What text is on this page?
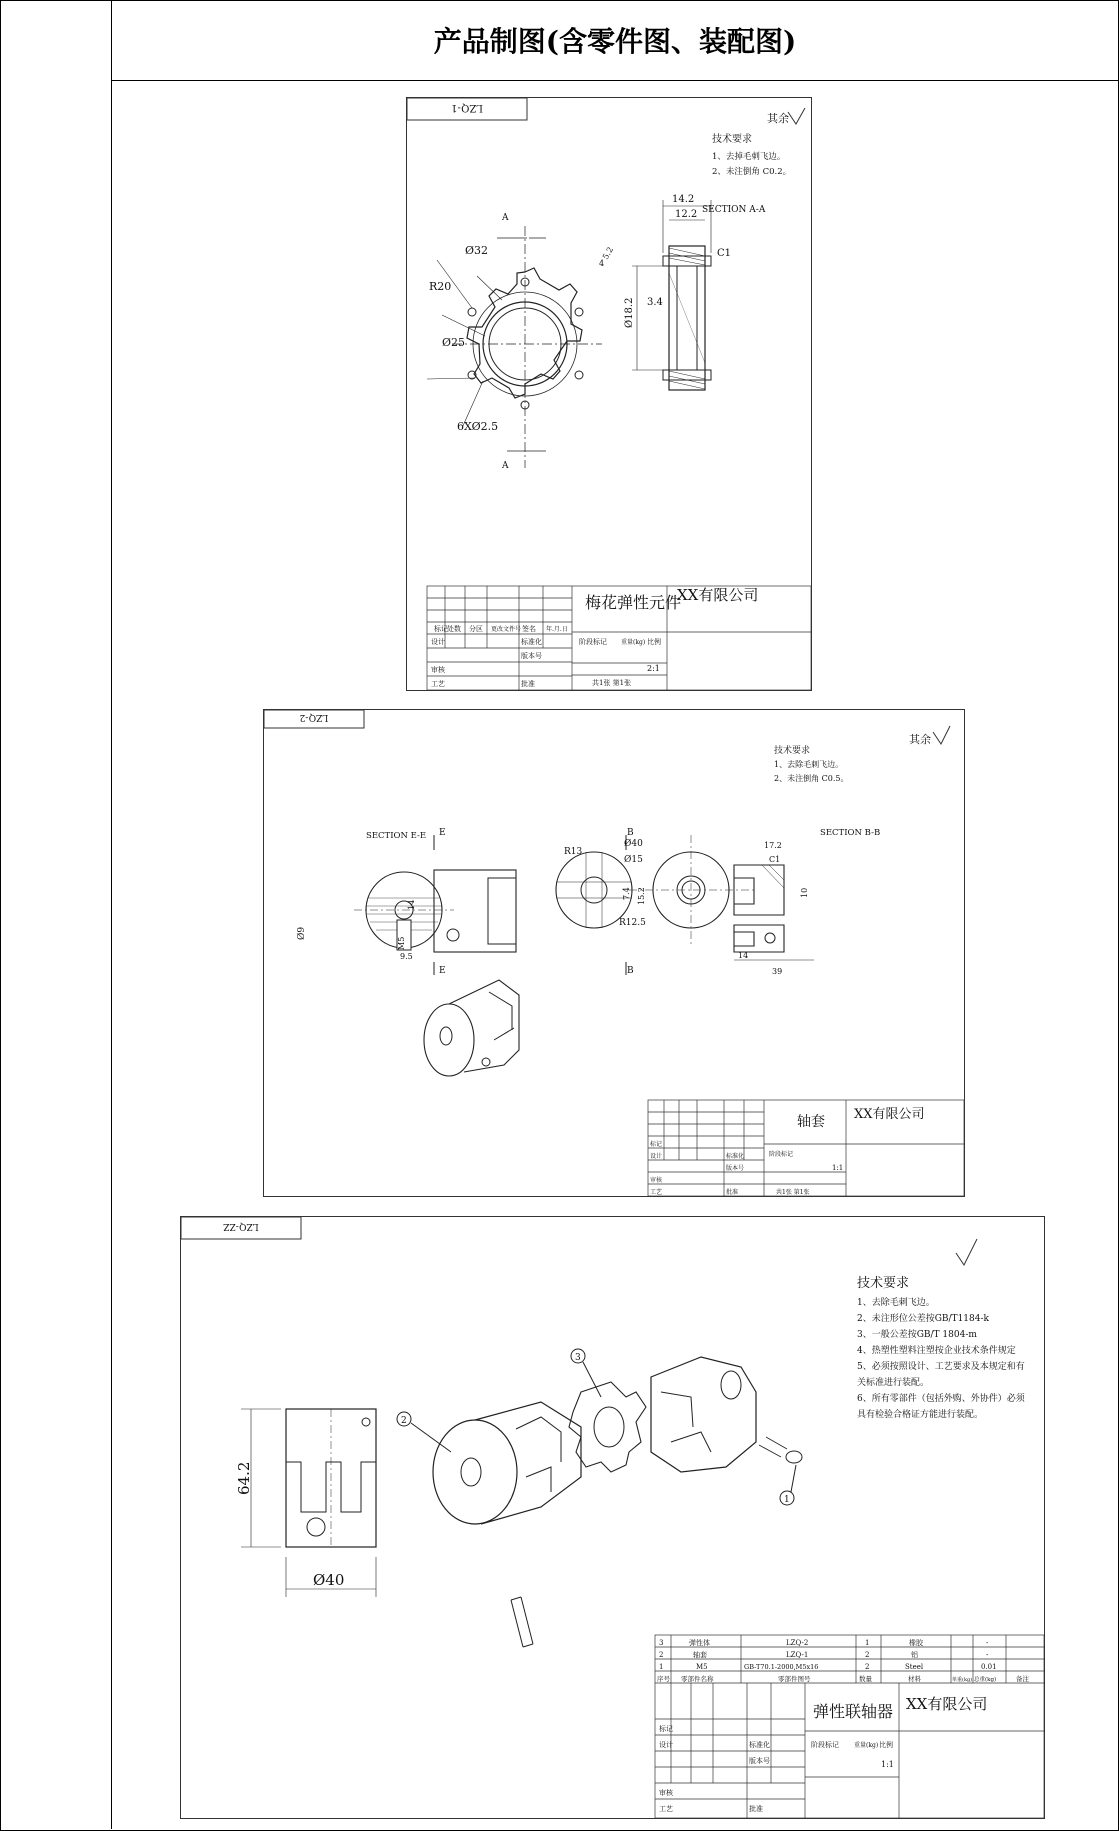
产品制图(含零件图、装配图)
LZQ-1
其余
技术要求
1、去掉毛刺飞边。
2、未注倒角 C0.2。
SECTION A-A
A
A
Ø32
R20
Ø25
6XØ2.5
14.2
12.2
C1
Ø18.2 3.4
5.2
4
标记 处数 分区 更改文件号 签名 年.月.日
设计	标准化
版本号
审核
工艺	批准
梅花弹性元件
XX有限公司
阶段标记 重量(kg) 比例
2:1
共1张 第1张
LZQ-2
其余
技术要求
1、去除毛刺飞边。
2、未注倒角 C0.5。
SECTION E-E	SECTION B-B
Ø9
E
E
14
M5
9.5
R13
R12.5
7.4 15.2
Ø40
Ø15
B
B
17.2
C1
10
14
39
标记
设计	标准化
版本号
审核
工艺	批准
轴套 XX有限公司
阶段标记
1:1
共1张 第1张
LZQ-ZZ
技术要求
1、去除毛刺飞边。
2、未注形位公差按GB/T1184-k
3、一般公差按GB/T 1804-m
4、热塑性塑料注塑按企业技术条件规定
5、必须按照设计、工艺要求及本规定和有
关标准进行装配。
6、所有零部件（包括外购、外协件）必须
具有检验合格证方能进行装配。
64.2
Ø40
3
2
1
3	弹性体	LZQ-2	1	橡胶	-
2	轴套	LZQ-1	2	铝	-
1	M5	GB-T70.1-2000,M5x16	2	Steel	0.01
序号 零部件名称	零部件图号	数量	材料	单重(kg) 总重(kg)	备注
标记
设计	标准化
版本号
审核
工艺	批准
弹性联轴器 XX有限公司
阶段标记	重量(kg) 比例
1:1
